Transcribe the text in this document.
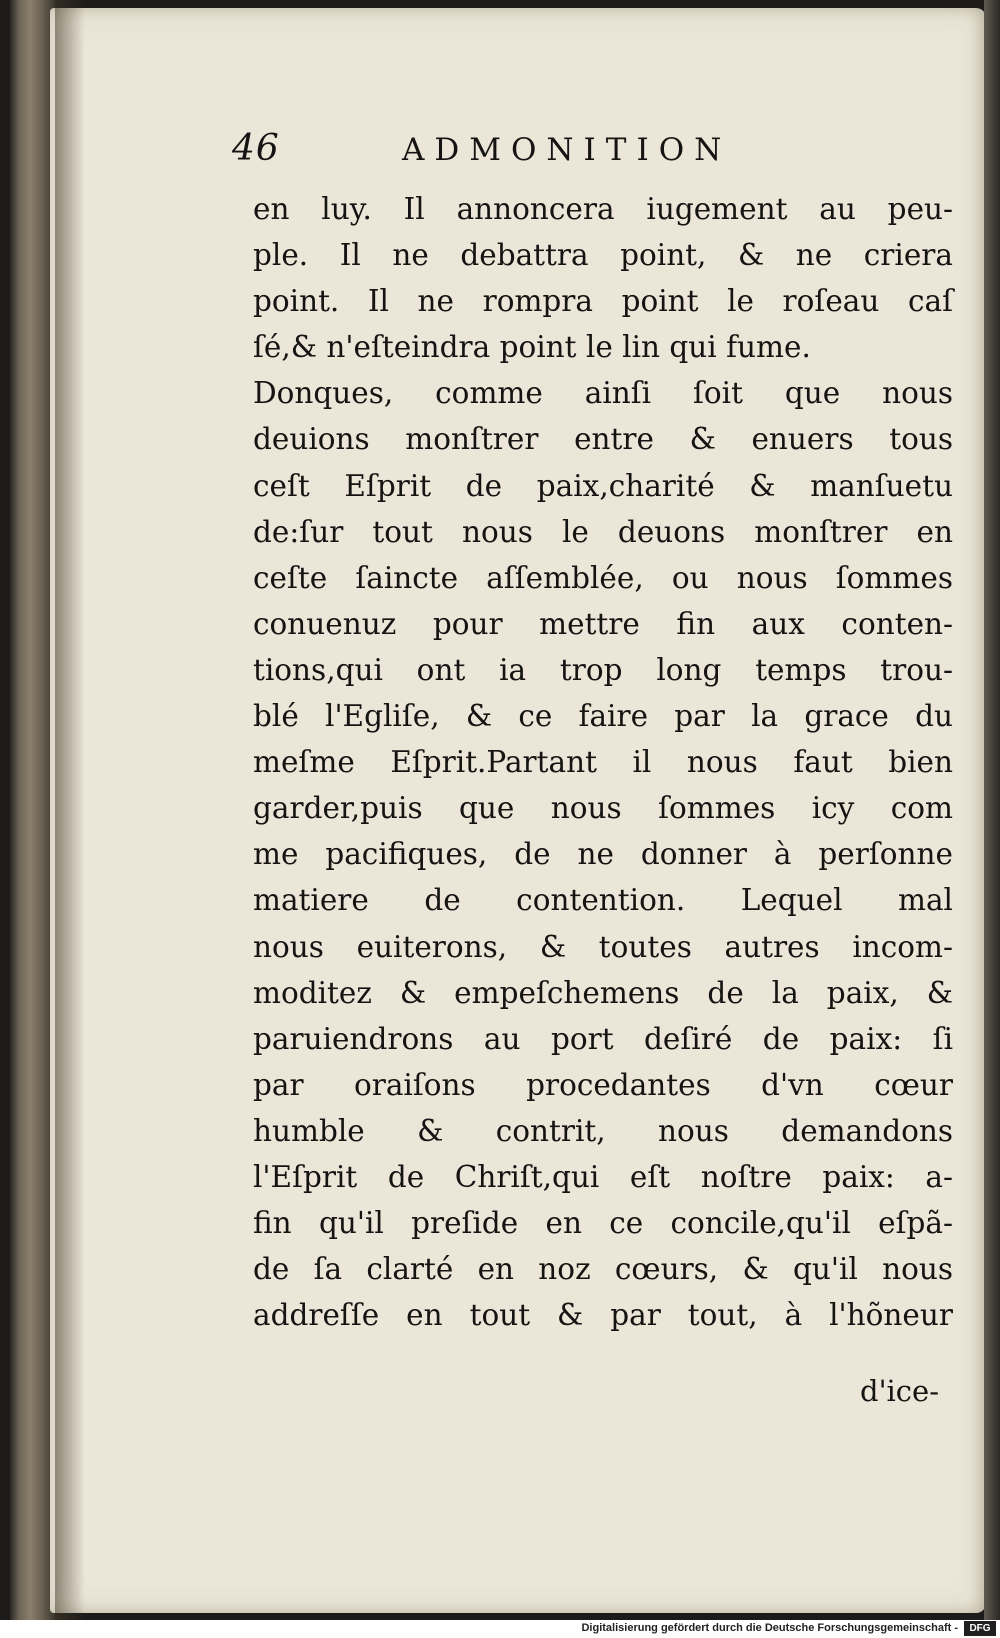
46	ADMONITION
en luy. Il annoncera iugement au peu-
ple. Il ne debattra point, & ne criera
point. Il ne rompra point le roſeau caſ
ſé,& n'eſteindra point le lin qui fume.
Donques, comme ainſi ſoit que nous
deuions monſtrer entre & enuers tous
ceſt Eſprit de paix,charité & manſuetu
de:ſur tout nous le deuons monſtrer en
ceſte ſaincte aſſemblée, ou nous ſommes
conuenuz pour mettre fin aux conten-
tions,qui ont ia trop long temps trou-
blé l'Egliſe, & ce faire par la grace du
meſme Eſprit.Partant il nous faut bien
garder,puis que nous ſommes icy com
me pacifiques, de ne donner à perſonne
matiere de contention. Lequel mal
nous euiterons, & toutes autres incom-
moditez & empeſchemens de la paix, &
paruiendrons au port deſiré de paix: ſi
par oraiſons procedantes d'vn cœur
humble & contrit, nous demandons
l'Eſprit de Chriſt,qui eſt noſtre paix: a-
fin qu'il preſide en ce concile,qu'il eſpã-
de ſa clarté en noz cœurs, & qu'il nous
addreſſe en tout & par tout, à l'hõneur
d'ice-
Digitalisierung gefördert durch die Deutsche Forschungsgemeinschaft -	DFG
